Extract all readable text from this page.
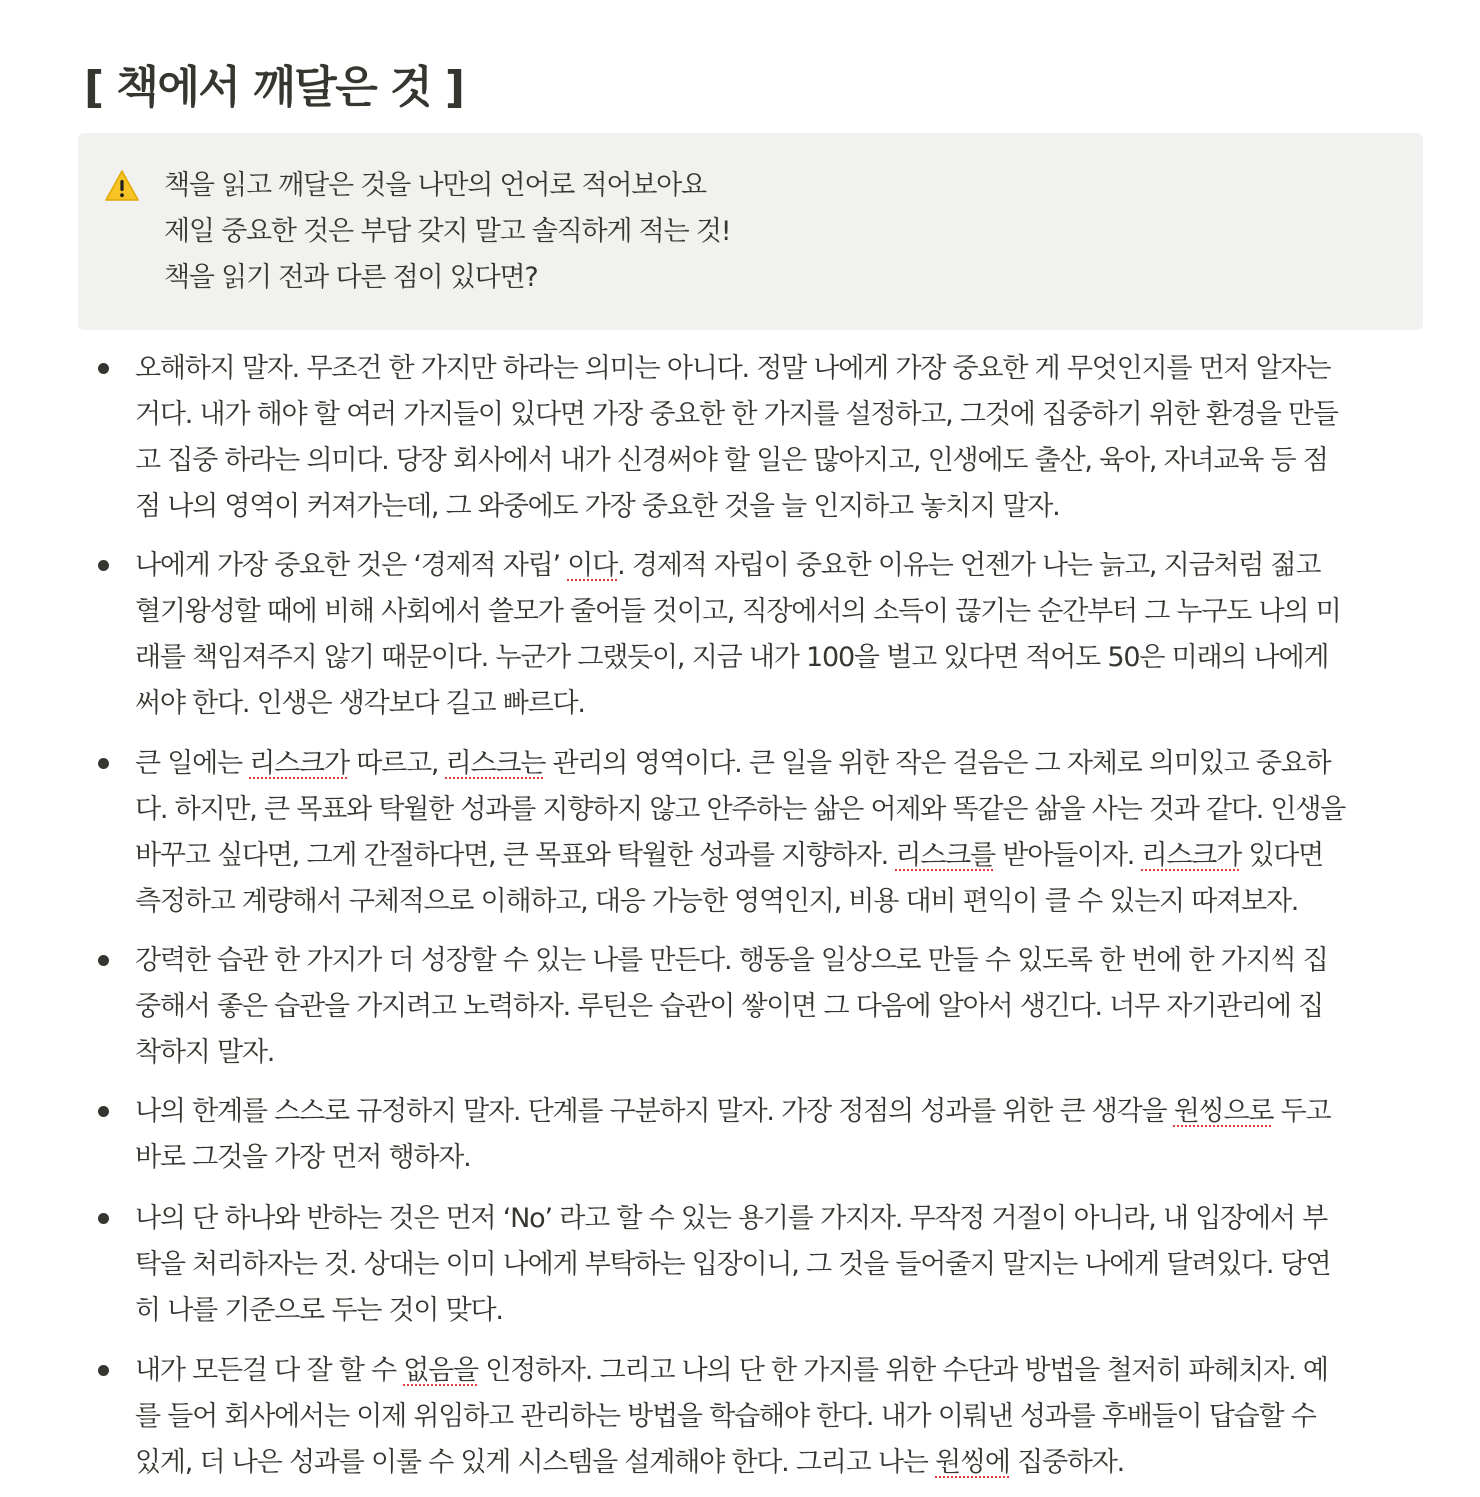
[ 책에서 깨달은 것 ]
책을 읽고 깨달은 것을 나만의 언어로 적어보아요
제일 중요한 것은 부담 갖지 말고 솔직하게 적는 것!
책을 읽기 전과 다른 점이 있다면?
오해하지 말자. 무조건 한 가지만 하라는 의미는 아니다. 정말 나에게 가장 중요한 게 무엇인지를 먼저 알자는
거다. 내가 해야 할 여러 가지들이 있다면 가장 중요한 한 가지를 설정하고, 그것에 집중하기 위한 환경을 만들
고 집중 하라는 의미다. 당장 회사에서 내가 신경써야 할 일은 많아지고, 인생에도 출산, 육아, 자녀교육 등 점
점 나의 영역이 커져가는데, 그 와중에도 가장 중요한 것을 늘 인지하고 놓치지 말자.
나에게 가장 중요한 것은 ‘경제적 자립’ 이다. 경제적 자립이 중요한 이유는 언젠가 나는 늙고, 지금처럼 젊고
혈기왕성할 때에 비해 사회에서 쓸모가 줄어들 것이고, 직장에서의 소득이 끊기는 순간부터 그 누구도 나의 미
래를 책임져주지 않기 때문이다. 누군가 그랬듯이, 지금 내가 100을 벌고 있다면 적어도 50은 미래의 나에게
써야 한다. 인생은 생각보다 길고 빠르다.
큰 일에는 리스크가 따르고, 리스크는 관리의 영역이다. 큰 일을 위한 작은 걸음은 그 자체로 의미있고 중요하
다. 하지만, 큰 목표와 탁월한 성과를 지향하지 않고 안주하는 삶은 어제와 똑같은 삶을 사는 것과 같다. 인생을
바꾸고 싶다면, 그게 간절하다면, 큰 목표와 탁월한 성과를 지향하자. 리스크를 받아들이자. 리스크가 있다면
측정하고 계량해서 구체적으로 이해하고, 대응 가능한 영역인지, 비용 대비 편익이 클 수 있는지 따져보자.
강력한 습관 한 가지가 더 성장할 수 있는 나를 만든다. 행동을 일상으로 만들 수 있도록 한 번에 한 가지씩 집
중해서 좋은 습관을 가지려고 노력하자. 루틴은 습관이 쌓이면 그 다음에 알아서 생긴다. 너무 자기관리에 집
착하지 말자.
나의 한계를 스스로 규정하지 말자. 단계를 구분하지 말자. 가장 정점의 성과를 위한 큰 생각을 원씽으로 두고
바로 그것을 가장 먼저 행하자.
나의 단 하나와 반하는 것은 먼저 ‘No’ 라고 할 수 있는 용기를 가지자. 무작정 거절이 아니라, 내 입장에서 부
탁을 처리하자는 것. 상대는 이미 나에게 부탁하는 입장이니, 그 것을 들어줄지 말지는 나에게 달려있다. 당연
히 나를 기준으로 두는 것이 맞다.
내가 모든걸 다 잘 할 수 없음을 인정하자. 그리고 나의 단 한 가지를 위한 수단과 방법을 철저히 파헤치자. 예
를 들어 회사에서는 이제 위임하고 관리하는 방법을 학습해야 한다. 내가 이뤄낸 성과를 후배들이 답습할 수
있게, 더 나은 성과를 이룰 수 있게 시스템을 설계해야 한다. 그리고 나는 원씽에 집중하자.
